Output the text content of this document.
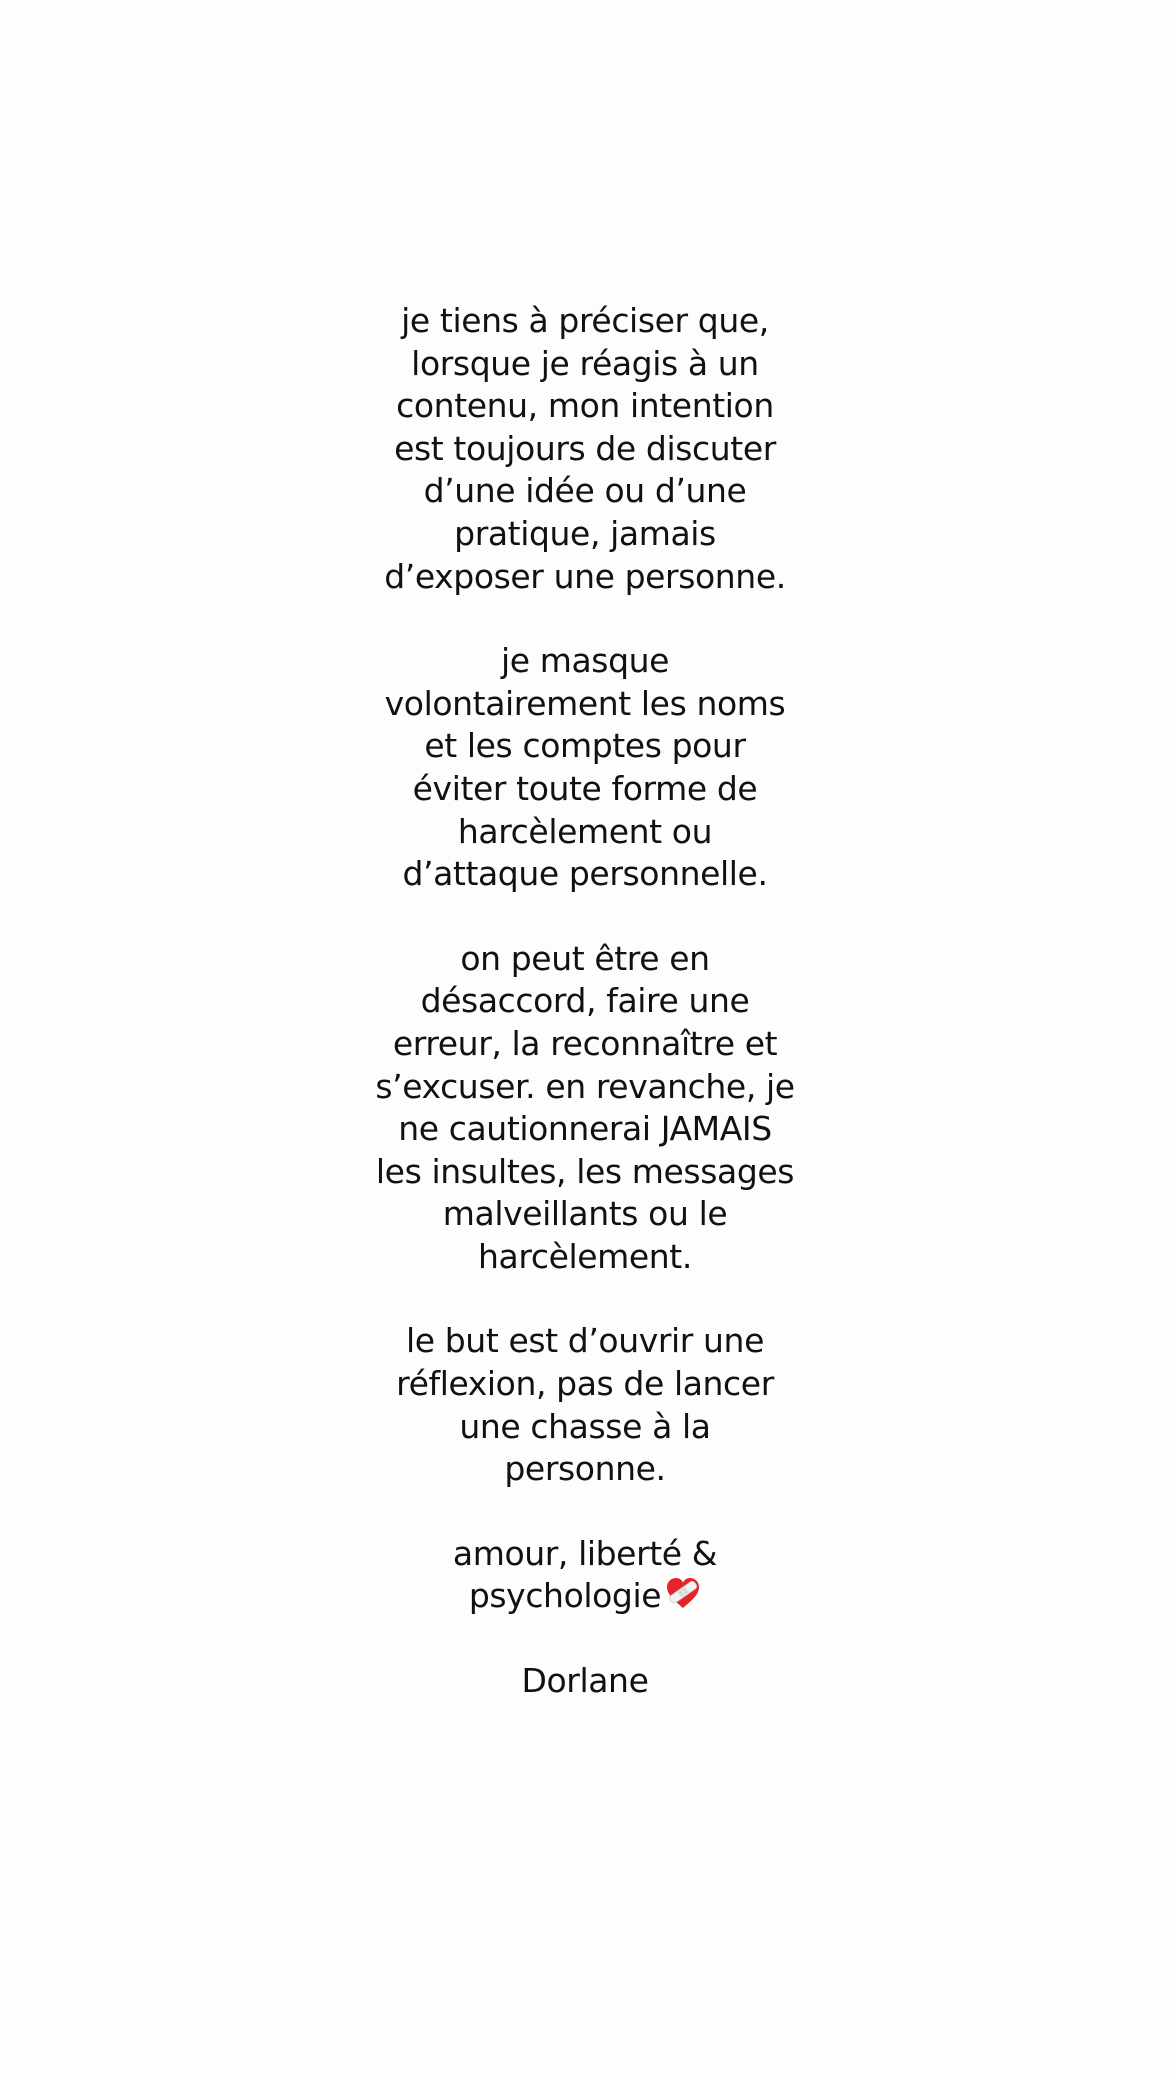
je tiens à préciser que,
lorsque je réagis à un
contenu, mon intention
est toujours de discuter
d’une idée ou d’une
pratique, jamais
d’exposer une personne.
je masque
volontairement les noms
et les comptes pour
éviter toute forme de
harcèlement ou
d’attaque personnelle.
on peut être en
désaccord, faire une
erreur, la reconnaître et
s’excuser. en revanche, je
ne cautionnerai JAMAIS
les insultes, les messages
malveillants ou le
harcèlement.
le but est d’ouvrir une
réflexion, pas de lancer
une chasse à la
personne.
amour, liberté &
psychologie
Dorlane
